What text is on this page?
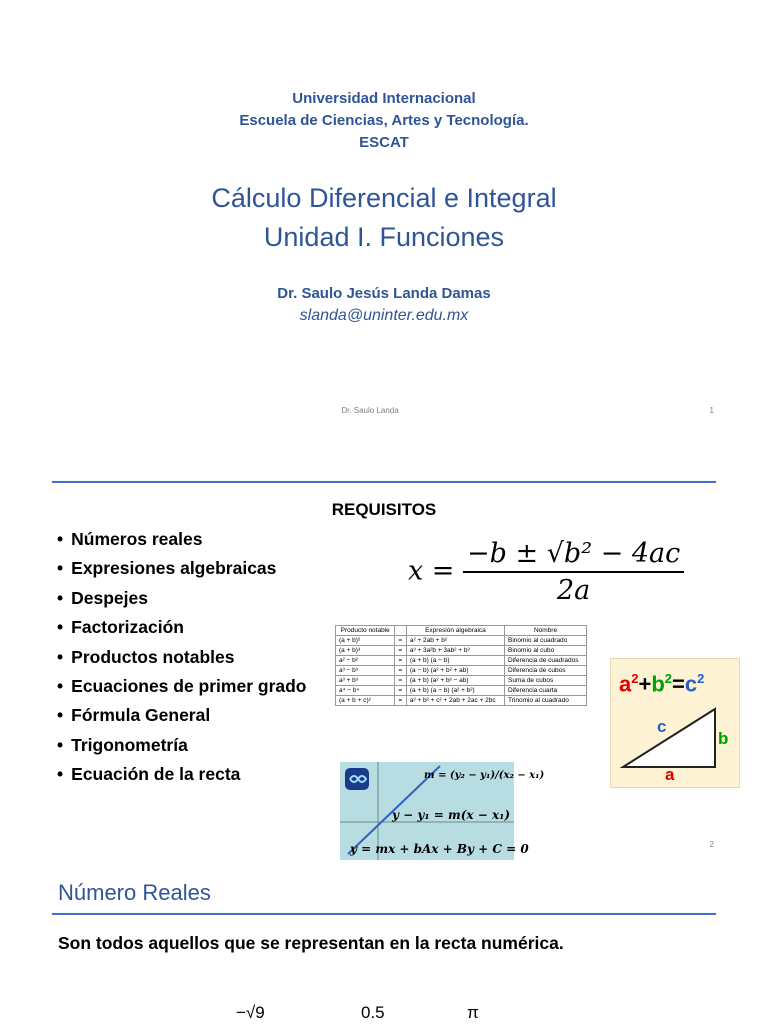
Universidad Internacional
Escuela de Ciencias, Artes y Tecnología.
ESCAT
Cálculo Diferencial e Integral
Unidad I. Funciones
Dr. Saulo Jesús Landa Damas
slanda@uninter.edu.mx
Dr. Saulo Landa	1
REQUISITOS
• Números reales
• Expresiones algebraicas
• Despejes
• Factorización
• Productos notables
• Ecuaciones de primer grado
• Fórmula General
• Trigonometría
• Ecuación de la recta
$x = \frac{\text{−b ± √b² − 4ac}}{2a}$
Producto notable		Expresión algebraica	Nombre
(a + b)²	=	a² + 2ab + b²	Binomio al cuadrado
(a + b)³	=	a³ + 3a²b + 3ab² + b³	Binomio al cubo
a² − b²	=	(a + b) (a − b)	Diferencia de cuadrados
a³ − b³	=	(a − b) (a² + b² + ab)	Diferencia de cubos
a³ + b³	=	(a + b) (a² + b² − ab)	Suma de cubos
a⁴ − b⁴	=	(a + b) (a − b) (a² + b²)	Diferencia cuarta
(a + b + c)²	=	a² + b² + c² + 2ab + 2ac + 2bc	Trinomio al cuadrado
$a^2+b^2=c^2$
c
b
a
m = (y₂ − y₁)/(x₂ − x₁)
y − y₁ = m(x − x₁)
y = mx + b Ax + By + C = 0	2
Número Reales
Son todos aquellos que se representan en la recta numérica.
−√9	0.5	π
